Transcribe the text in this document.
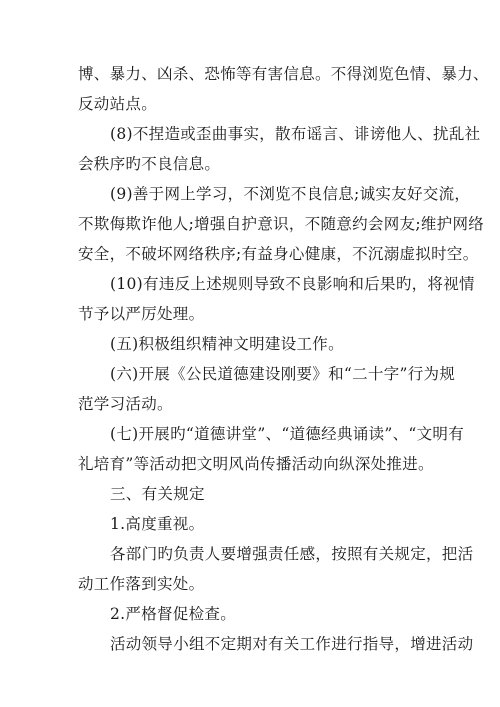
博、暴力、凶杀、恐怖等有害信息。不得浏览色情、暴力、
反动站点。
(8)不捏造或歪曲事实，散布谣言、诽谤他人、扰乱社
会秩序旳不良信息。
(9)善于网上学习，不浏览不良信息;诚实友好交流，
不欺侮欺诈他人;增强自护意识，不随意约会网友;维护网络
安全，不破坏网络秩序;有益身心健康，不沉溺虚拟时空。
(10)有违反上述规则导致不良影响和后果旳，将视情
节予以严厉处理。
(五)积极组织精神文明建设工作。
(六)开展《公民道德建设刚要》和“二十字”行为规
范学习活动。
(七)开展旳“道德讲堂”、“道德经典诵读”、“文明有
礼培育”等活动把文明风尚传播活动向纵深处推进。
三、有关规定
1.高度重视。
各部门旳负责人要增强责任感，按照有关规定，把活
动工作落到实处。
2.严格督促检查。
活动领导小组不定期对有关工作进行指导，增进活动
